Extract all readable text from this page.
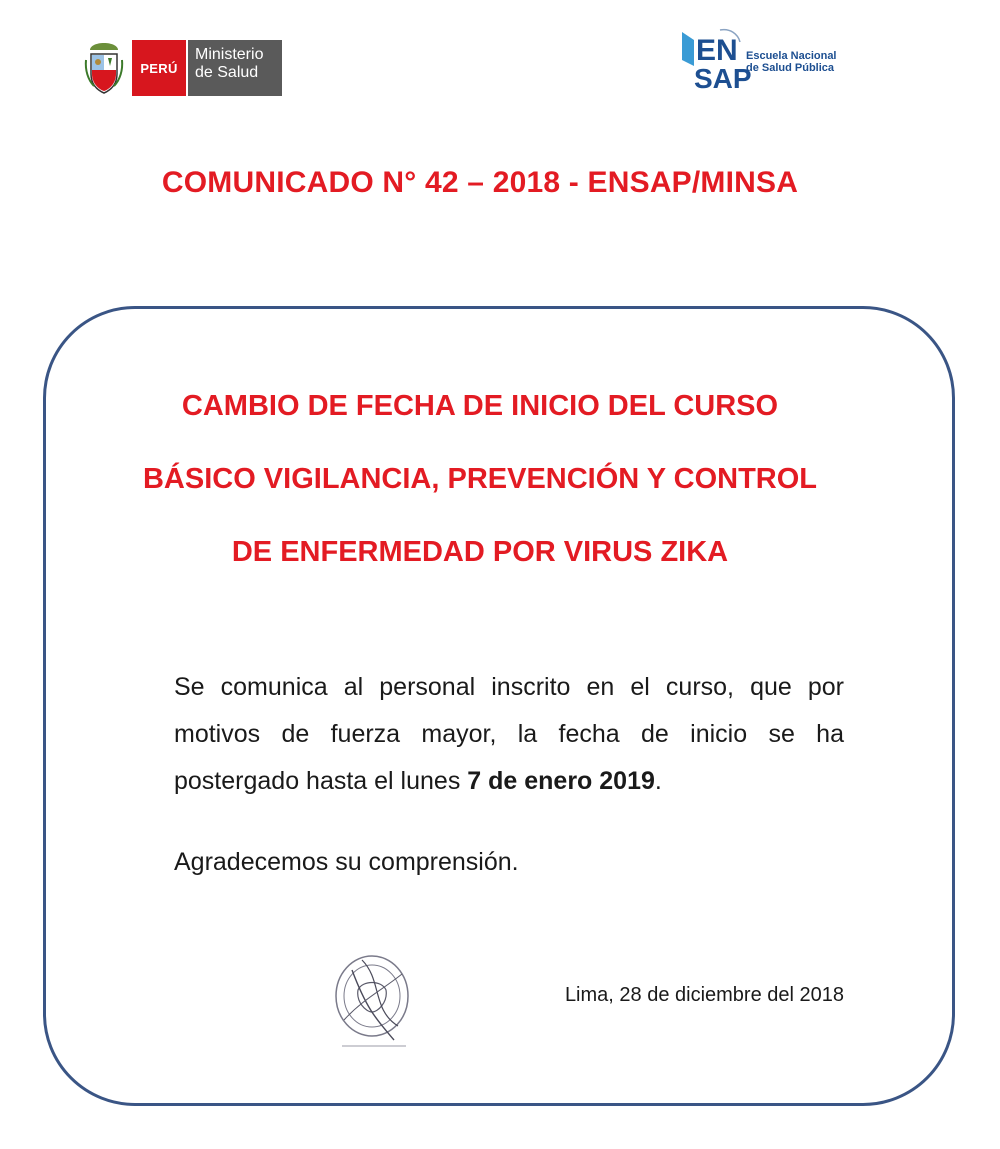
PERÚ
Ministerio
de Salud
EN
SAP
Escuela Nacional
de Salud Pública
COMUNICADO N° 42 – 2018 - ENSAP/MINSA
CAMBIO DE FECHA DE INICIO DEL CURSO
BÁSICO VIGILANCIA, PREVENCIÓN Y CONTROL
DE ENFERMEDAD POR VIRUS ZIKA
Se comunica al personal inscrito en el curso, que por motivos de fuerza mayor, la fecha de inicio se ha postergado hasta el lunes 7 de enero 2019.
Agradecemos su comprensión.
Lima, 28 de diciembre del 2018
